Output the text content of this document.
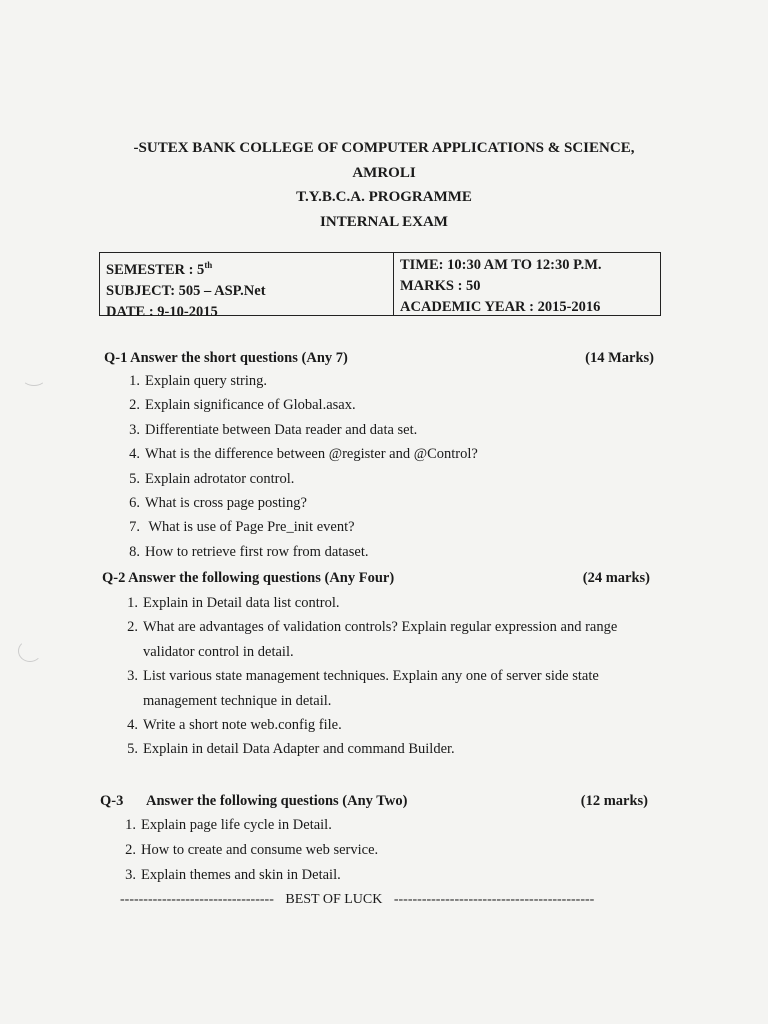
-SUTEX BANK COLLEGE OF COMPUTER APPLICATIONS & SCIENCE,
AMROLI
T.Y.B.C.A. PROGRAMME
INTERNAL EXAM
SEMESTER : 5th
SUBJECT: 505 – ASP.Net
DATE : 9-10-2015
TIME: 10:30 AM TO 12:30 P.M.
MARKS : 50
ACADEMIC YEAR : 2015-2016
Q-1 Answer the short questions (Any 7)	(14 Marks)
1. Explain query string.
2. Explain significance of Global.asax.
3. Differentiate between Data reader and data set.
4. What is the difference between @register and @Control?
5. Explain adrotator control.
6. What is cross page posting?
7. What is use of Page Pre_init event?
8. How to retrieve first row from dataset.
Q-2 Answer the following questions (Any Four)	(24 marks)
1. Explain in Detail data list control.
2. What are advantages of validation controls? Explain regular expression and range
validator control in detail.
3. List various state management techniques. Explain any one of server side state
management technique in detail.
4. Write a short note web.config file.
5. Explain in detail Data Adapter and command Builder.
Q-3 Answer the following questions (Any Two)	(12 marks)
1. Explain page life cycle in Detail.
2. How to create and consume web service.
3. Explain themes and skin in Detail.
--------------------------------- BEST OF LUCK -------------------------------------------
